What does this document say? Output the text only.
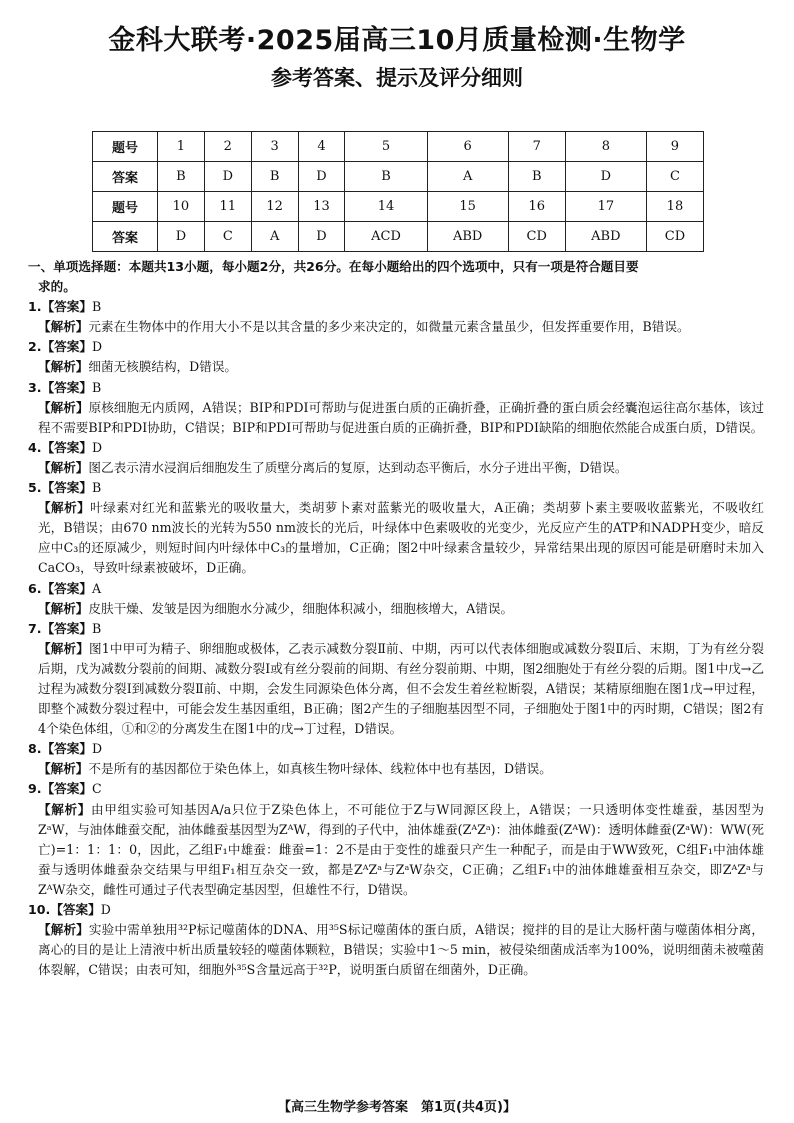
金科大联考·2025届高三10月质量检测·生物学
参考答案、提示及评分细则
题号	1	2	3	4	5	6	7	8	9
答案	B	D	B	D	B	A	B	D	C
题号	10	11	12	13	14	15	16	17	18
答案	D	C	A	D	ACD	ABD	CD	ABD	CD
一、单项选择题：本题共13小题，每小题2分，共26分。在每小题给出的四个选项中，只有一项是符合题目要
求的。
1.【答案】B
【解析】元素在生物体中的作用大小不是以其含量的多少来决定的，如微量元素含量虽少，但发挥重要作用，B错误。
2.【答案】D
【解析】细菌无核膜结构，D错误。
3.【答案】B
【解析】原核细胞无内质网，A错误；BIP和PDI可帮助与促进蛋白质的正确折叠，正确折叠的蛋白质会经囊泡运往高尔基体，该过程不需要BIP和PDI协助，C错误；BIP和PDI可帮助与促进蛋白质的正确折叠，BIP和PDI缺陷的细胞依然能合成蛋白质，D错误。
4.【答案】D
【解析】图乙表示清水浸润后细胞发生了质壁分离后的复原，达到动态平衡后，水分子进出平衡，D错误。
5.【答案】B
【解析】叶绿素对红光和蓝紫光的吸收量大，类胡萝卜素对蓝紫光的吸收量大，A正确；类胡萝卜素主要吸收蓝紫光，不吸收红光，B错误；由670 nm波长的光转为550 nm波长的光后，叶绿体中色素吸收的光变少，光反应产生的ATP和NADPH变少，暗反应中C₃的还原减少，则短时间内叶绿体中C₃的量增加，C正确；图2中叶绿素含量较少，异常结果出现的原因可能是研磨时未加入CaCO₃，导致叶绿素被破坏，D正确。
6.【答案】A
【解析】皮肤干燥、发皱是因为细胞水分减少，细胞体积减小，细胞核增大，A错误。
7.【答案】B
【解析】图1中甲可为精子、卵细胞或极体，乙表示减数分裂Ⅱ前、中期，丙可以代表体细胞或减数分裂Ⅱ后、末期，丁为有丝分裂后期，戊为减数分裂前的间期、减数分裂Ⅰ或有丝分裂前的间期、有丝分裂前期、中期，图2细胞处于有丝分裂的后期。图1中戊→乙过程为减数分裂Ⅰ到减数分裂Ⅱ前、中期，会发生同源染色体分离，但不会发生着丝粒断裂，A错误；某精原细胞在图1戊→甲过程，即整个减数分裂过程中，可能会发生基因重组，B正确；图2产生的子细胞基因型不同，子细胞处于图1中的丙时期，C错误；图2有4个染色体组，①和②的分离发生在图1中的戊→丁过程，D错误。
8.【答案】D
【解析】不是所有的基因都位于染色体上，如真核生物叶绿体、线粒体中也有基因，D错误。
9.【答案】C
【解析】由甲组实验可知基因A/a只位于Z染色体上，不可能位于Z与W同源区段上，A错误；一只透明体变性雄蚕，基因型为ZᵃW，与油体雌蚕交配，油体雌蚕基因型为ZᴬW，得到的子代中，油体雄蚕(ZᴬZᵃ)：油体雌蚕(ZᴬW)：透明体雌蚕(ZᵃW)：WW(死亡)=1：1：1：0，因此，乙组F₁中雄蚕：雌蚕=1：2不是由于变性的雄蚕只产生一种配子，而是由于WW致死，C组F₁中油体雄蚕与透明体雌蚕杂交结果与甲组F₁相互杂交一致，都是ZᴬZᵃ与ZᵃW杂交，C正确；乙组F₁中的油体雌雄蚕相互杂交，即ZᴬZᵃ与ZᴬW杂交，雌性可通过子代表型确定基因型，但雄性不行，D错误。
10.【答案】D
【解析】实验中需单独用³²P标记噬菌体的DNA、用³⁵S标记噬菌体的蛋白质，A错误；搅拌的目的是让大肠杆菌与噬菌体相分离，离心的目的是让上清液中析出质量较轻的噬菌体颗粒，B错误；实验中1～5 min，被侵染细菌成活率为100%，说明细菌未被噬菌体裂解，C错误；由表可知，细胞外³⁵S含量远高于³²P，说明蛋白质留在细菌外，D正确。
【高三生物学参考答案　第1页(共4页)】
